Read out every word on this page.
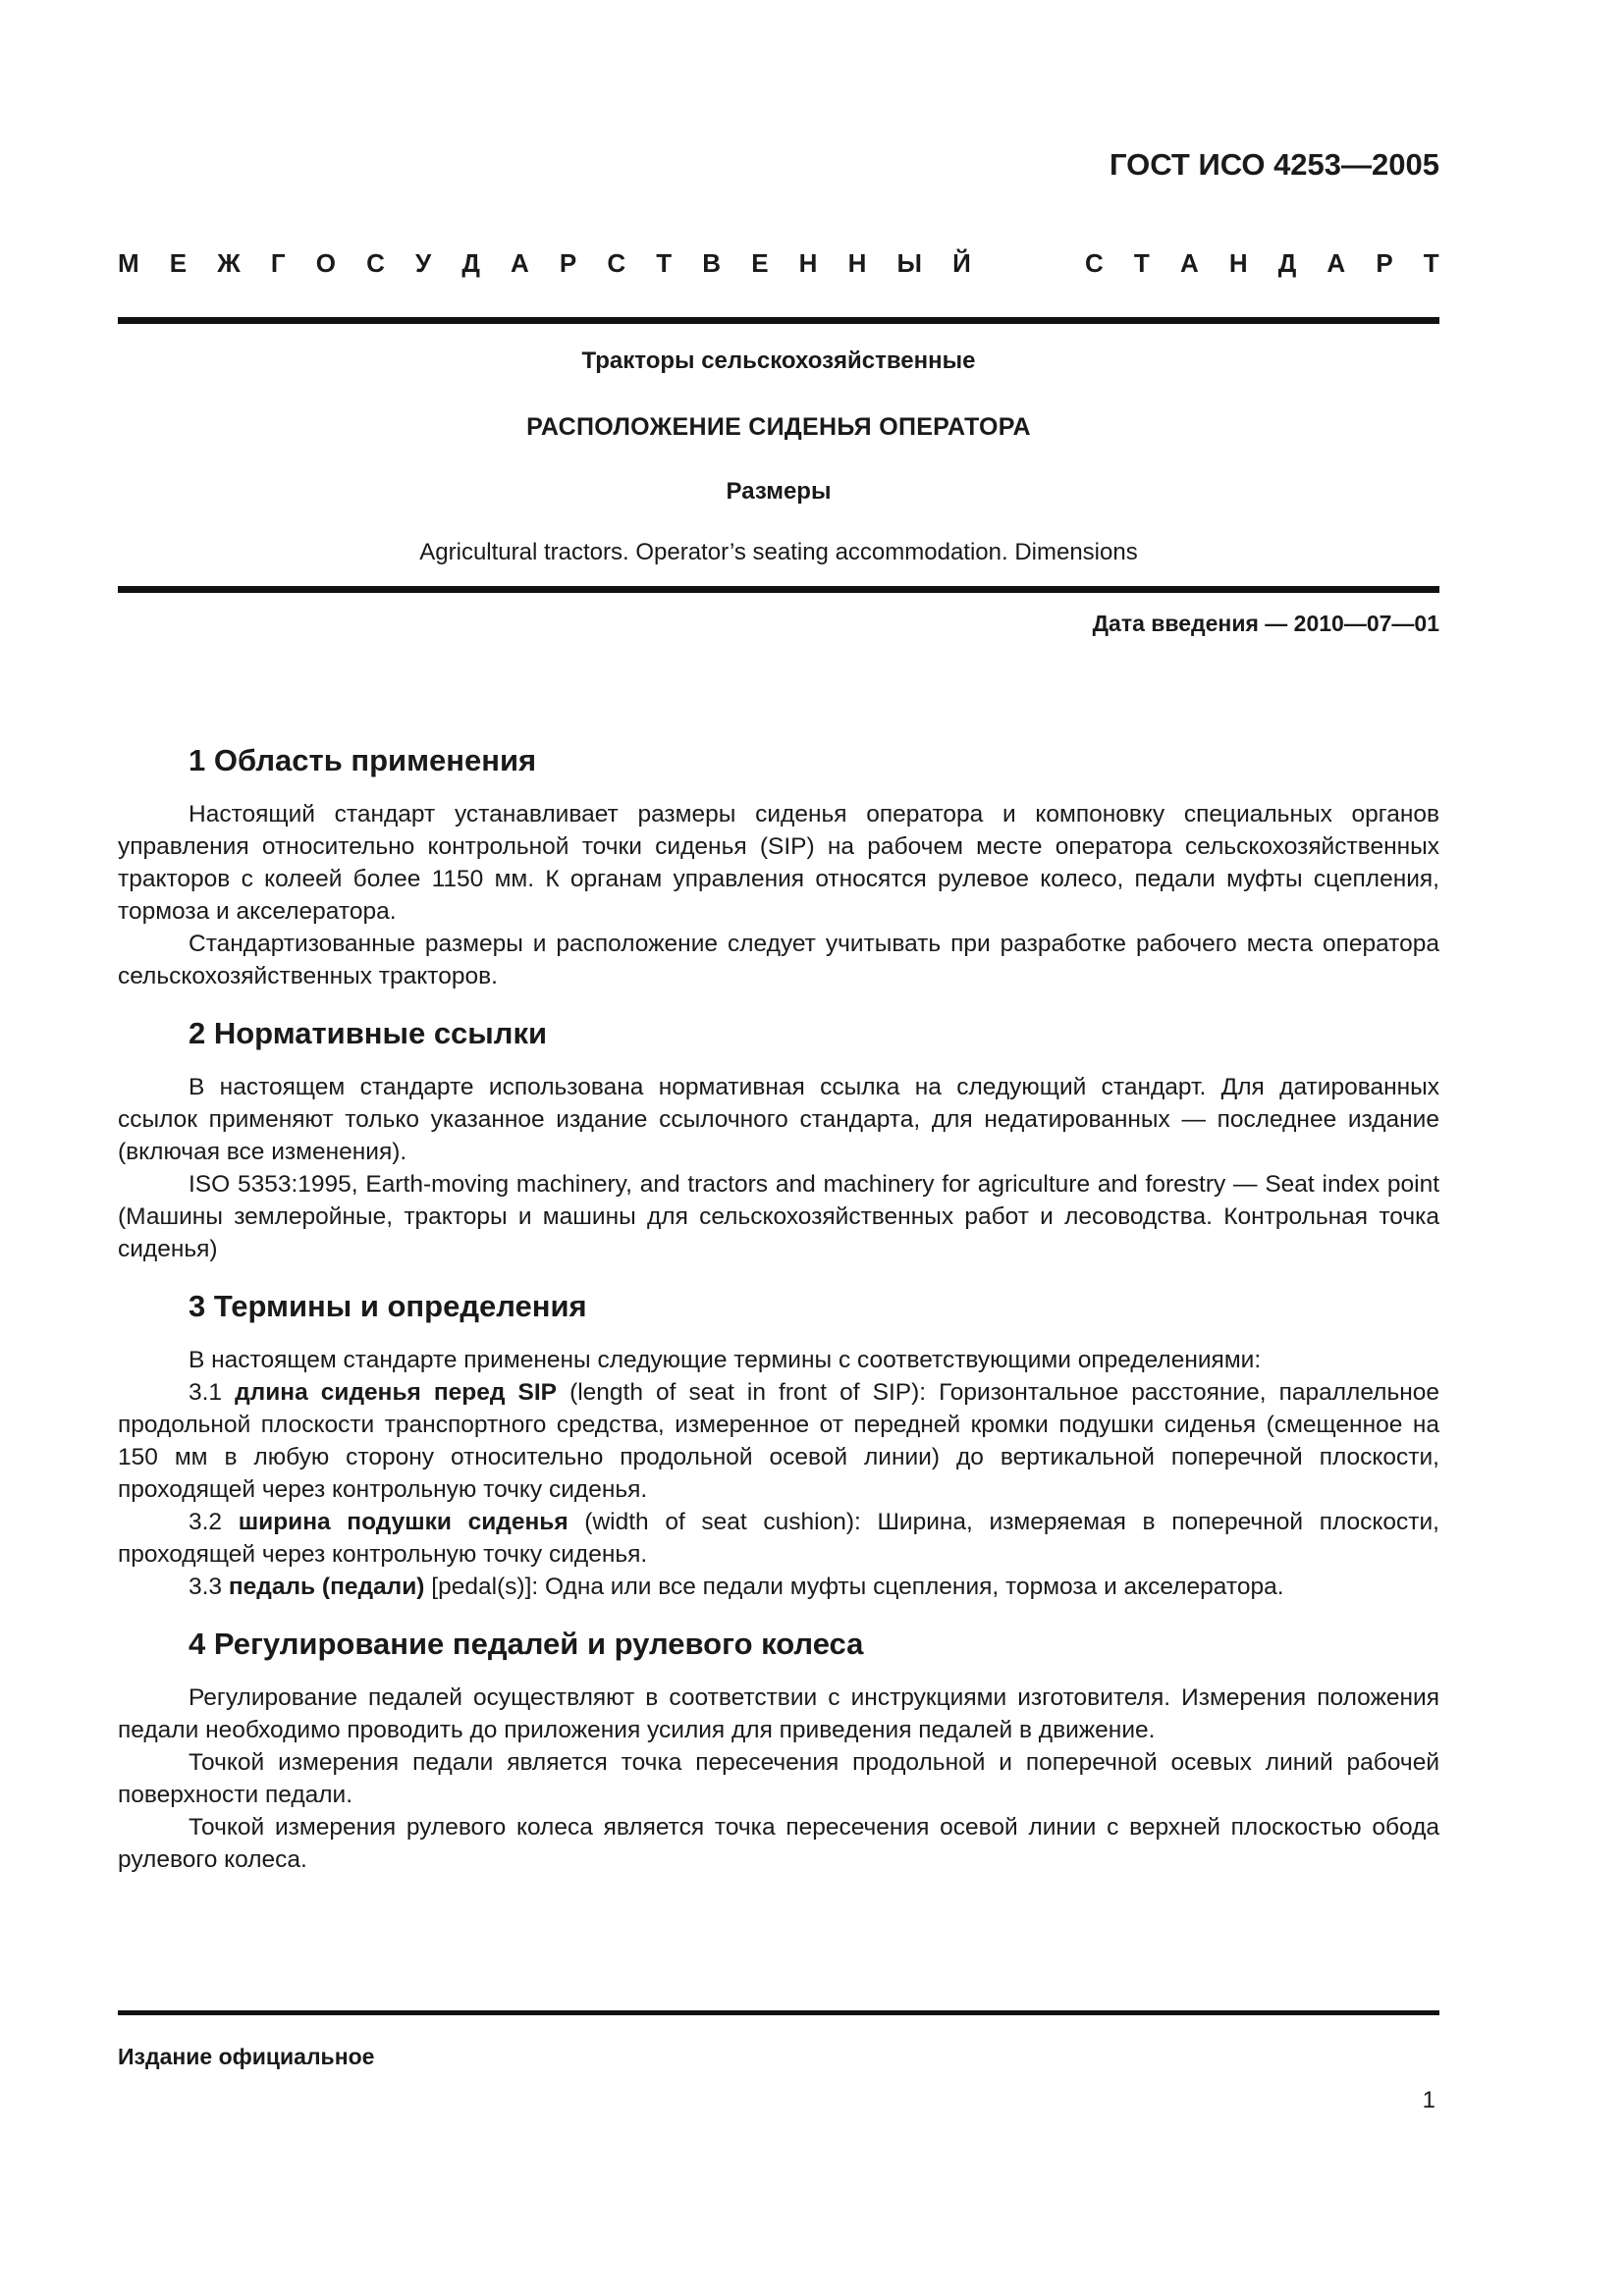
ГОСТ ИСО 4253—2005
М Е Ж Г О С У Д А Р С Т В Е Н Н Ы Й	С Т А Н Д А Р Т
Тракторы сельскохозяйственные
РАСПОЛОЖЕНИЕ СИДЕНЬЯ ОПЕРАТОРА
Размеры
Agricultural tractors. Operator’s seating accommodation. Dimensions
Дата введения — 2010—07—01
1 Область применения

Настоящий стандарт устанавливает размеры сиденья оператора и компоновку специальных органов управления относительно контрольной точки сиденья (SIP) на рабочем месте оператора сельскохозяйственных тракторов с колеей более 1150 мм. К органам управления относятся рулевое колесо, педали муфты сцепления, тормоза и акселератора.

Стандартизованные размеры и расположение следует учитывать при разработке рабочего места оператора сельскохозяйственных тракторов.

2 Нормативные ссылки

В настоящем стандарте использована нормативная ссылка на следующий стандарт. Для датированных ссылок применяют только указанное издание ссылочного стандарта, для недатированных — последнее издание (включая все изменения).

ISO 5353:1995, Earth-moving machinery, and tractors and machinery for agriculture and forestry — Seat index point (Машины землеройные, тракторы и машины для сельскохозяйственных работ и лесоводства. Контрольная точка сиденья)

3 Термины и определения

В настоящем стандарте применены следующие термины с соответствующими определениями:

3.1 длина сиденья перед SIP (length of seat in front of SIP): Горизонтальное расстояние, параллельное продольной плоскости транспортного средства, измеренное от передней кромки подушки сиденья (смещенное на 150 мм в любую сторону относительно продольной осевой линии) до вертикальной поперечной плоскости, проходящей через контрольную точку сиденья.

3.2 ширина подушки сиденья (width of seat cushion): Ширина, измеряемая в поперечной плоскости, проходящей через контрольную точку сиденья.

3.3 педаль (педали) [pedal(s)]: Одна или все педали муфты сцепления, тормоза и акселератора.

4 Регулирование педалей и рулевого колеса

Регулирование педалей осуществляют в соответствии с инструкциями изготовителя. Измерения положения педали необходимо проводить до приложения усилия для приведения педалей в движение.

Точкой измерения педали является точка пересечения продольной и поперечной осевых линий рабочей поверхности педали.

Точкой измерения рулевого колеса является точка пересечения осевой линии с верхней плоскостью обода рулевого колеса.

Издание официальное
1
